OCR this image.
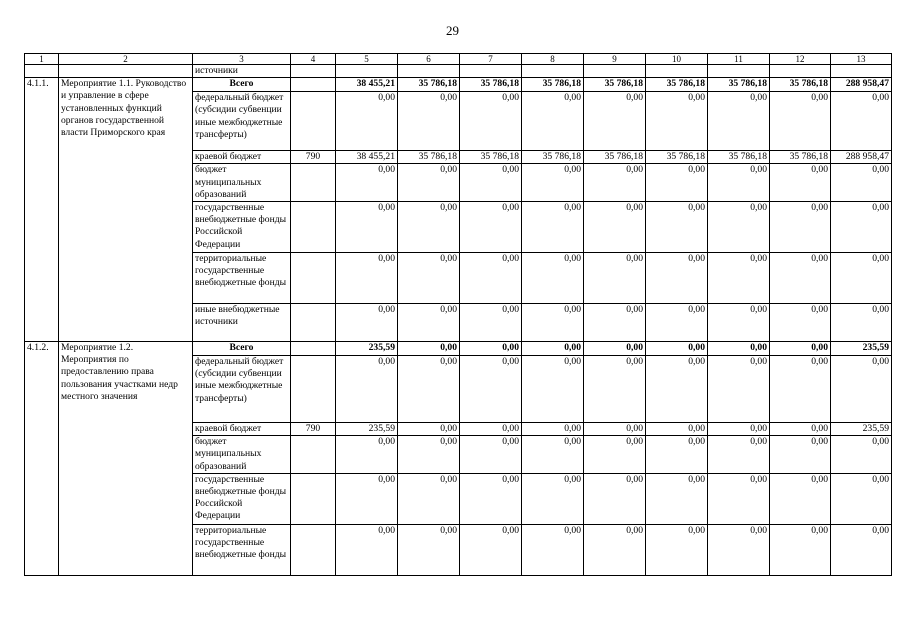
29
1	2	3	4	5	6	7	8	9	10	11	12	13
		источники										
4.1.1.	Мероприятие 1.1. Руководство и управление в сфере установленных функций органов государственной власти Приморского края	Всего		38 455,21	35 786,18	35 786,18	35 786,18	35 786,18	35 786,18	35 786,18	35 786,18	288 958,47
		федеральный бюджет (субсидии субвенции иные межбюджетные трансферты)		0,00	0,00	0,00	0,00	0,00	0,00	0,00	0,00	0,00
		краевой бюджет	790	38 455,21	35 786,18	35 786,18	35 786,18	35 786,18	35 786,18	35 786,18	35 786,18	288 958,47
		бюджет муниципальных образований		0,00	0,00	0,00	0,00	0,00	0,00	0,00	0,00	0,00
		государственные внебюджетные фонды Российской Федерации		0,00	0,00	0,00	0,00	0,00	0,00	0,00	0,00	0,00
		территориальные государственные внебюджетные фонды		0,00	0,00	0,00	0,00	0,00	0,00	0,00	0,00	0,00
		иные внебюджетные источники		0,00	0,00	0,00	0,00	0,00	0,00	0,00	0,00	0,00
4.1.2.	Мероприятие 1.2. Мероприятия по предоставлению права пользования участками недр местного значения	Всего		235,59	0,00	0,00	0,00	0,00	0,00	0,00	0,00	235,59
		федеральный бюджет (субсидии субвенции иные межбюджетные трансферты)		0,00	0,00	0,00	0,00	0,00	0,00	0,00	0,00	0,00
		краевой бюджет	790	235,59	0,00	0,00	0,00	0,00	0,00	0,00	0,00	235,59
		бюджет муниципальных образований		0,00	0,00	0,00	0,00	0,00	0,00	0,00	0,00	0,00
		государственные внебюджетные фонды Российской Федерации		0,00	0,00	0,00	0,00	0,00	0,00	0,00	0,00	0,00
		территориальные государственные внебюджетные фонды		0,00	0,00	0,00	0,00	0,00	0,00	0,00	0,00	0,00
